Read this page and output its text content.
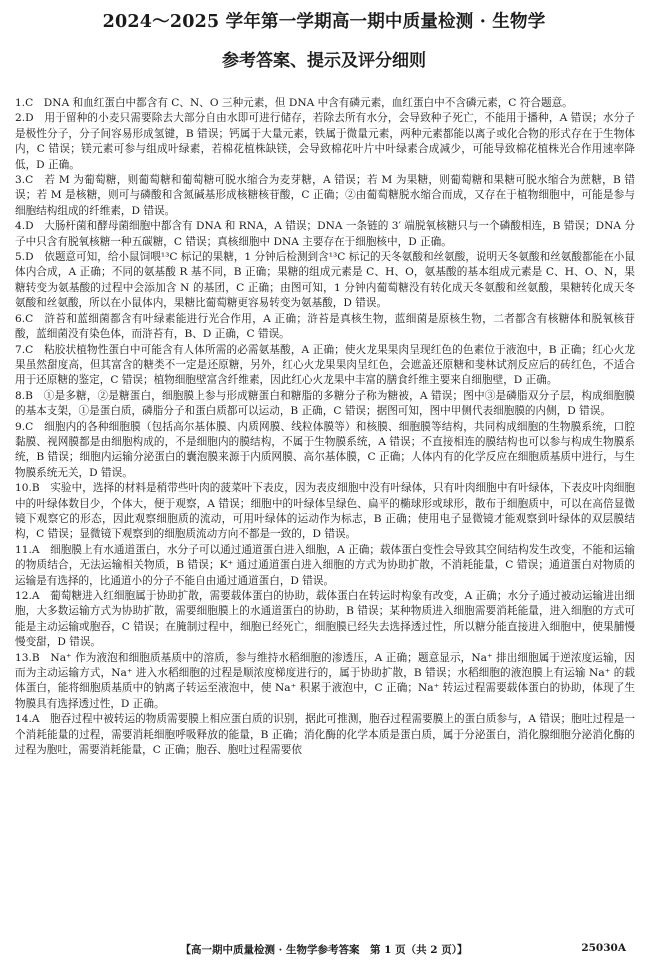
2024～2025 学年第一学期高一期中质量检测 · 生物学
参考答案、提示及评分细则

1.C　DNA 和血红蛋白中都含有 C、N、O 三种元素，但 DNA 中含有磷元素，血红蛋白中不含磷元素，C 符合题意。

2.D　用于留种的小麦只需要除去大部分自由水即可进行储存，若除去所有水分，会导致种子死亡，不能用于播种，A 错误；水分子是极性分子，分子间容易形成氢键，B 错误；钙属于大量元素，铁属于微量元素，两种元素都能以离子或化合物的形式存在于生物体内，C 错误；镁元素可参与组成叶绿素，若棉花植株缺镁，会导致棉花叶片中叶绿素合成减少，可能导致棉花植株光合作用速率降低，D 正确。

3.C　若 M 为葡萄糖，则葡萄糖和葡萄糖可脱水缩合为麦芽糖，A 错误；若 M 为果糖，则葡萄糖和果糖可脱水缩合为蔗糖，B 错误；若 M 是核糖，则可与磷酸和含氮碱基形成核糖核苷酸，C 正确；②由葡萄糖脱水缩合而成，又存在于植物细胞中，可能是参与细胞结构组成的纤维素，D 错误。

4.D　大肠杆菌和酵母菌细胞中都含有 DNA 和 RNA，A 错误；DNA 一条链的 3′ 端脱氧核糖只与一个磷酸相连，B 错误；DNA 分子中只含有脱氧核糖一种五碳糖，C 错误；真核细胞中 DNA 主要存在于细胞核中，D 正确。

5.D　依题意可知，给小鼠饲喂¹³C 标记的果糖，1 分钟后检测到含¹³C 标记的天冬氨酸和丝氨酸，说明天冬氨酸和丝氨酸都能在小鼠体内合成，A 正确；不同的氨基酸 R 基不同，B 正确；果糖的组成元素是 C、H、O，氨基酸的基本组成元素是 C、H、O、N，果糖转变为氨基酸的过程中会添加含 N 的基团，C 正确；由图可知，1 分钟内葡萄糖没有转化成天冬氨酸和丝氨酸，果糖转化成天冬氨酸和丝氨酸，所以在小鼠体内，果糖比葡萄糖更容易转变为氨基酸，D 错误。

6.C　浒苔和蓝细菌都含有叶绿素能进行光合作用，A 正确；浒苔是真核生物，蓝细菌是原核生物，二者都含有核糖体和脱氧核苷酸，蓝细菌没有染色体，而浒苔有，B、D 正确，C 错误。

7.C　粘胶状植物性蛋白中可能含有人体所需的必需氨基酸，A 正确；使火龙果果肉呈现红色的色素位于液泡中，B 正确；红心火龙果虽然甜度高，但其富含的糖类不一定是还原糖，另外，红心火龙果果肉呈红色，会遮盖还原糖和斐林试剂反应后的砖红色，不适合用于还原糖的鉴定，C 错误；植物细胞壁富含纤维素，因此红心火龙果中丰富的膳食纤维主要来自细胞壁，D 正确。

8.B　①是多糖，②是糖蛋白，细胞膜上参与形成糖蛋白和糖脂的多糖分子称为糖被，A 错误；图中③是磷脂双分子层，构成细胞膜的基本支架，①是蛋白质，磷脂分子和蛋白质都可以运动，B 正确，C 错误；据图可知，图中甲侧代表细胞膜的内侧，D 错误。

9.C　细胞内的各种细胞膜（包括高尔基体膜、内质网膜、线粒体膜等）和核膜、细胞膜等结构，共同构成细胞的生物膜系统，口腔黏膜、视网膜都是由细胞构成的，不是细胞内的膜结构，不属于生物膜系统，A 错误；不直接相连的膜结构也可以参与构成生物膜系统，B 错误；细胞内运输分泌蛋白的囊泡膜来源于内质网膜、高尔基体膜，C 正确；人体内有的化学反应在细胞质基质中进行，与生物膜系统无关，D 错误。

10.B　实验中，选择的材料是稍带些叶肉的菠菜叶下表皮，因为表皮细胞中没有叶绿体，只有叶肉细胞中有叶绿体，下表皮叶肉细胞中的叶绿体数目少，个体大，便于观察，A 错误；细胞中的叶绿体呈绿色、扁平的椭球形或球形，散布于细胞质中，可以在高倍显微镜下观察它的形态，因此观察细胞质的流动，可用叶绿体的运动作为标志，B 正确；使用电子显微镜才能观察到叶绿体的双层膜结构，C 错误；显微镜下观察到的细胞质流动方向不都是一致的，D 错误。

11.A　细胞膜上有水通道蛋白，水分子可以通过通道蛋白进入细胞，A 正确；载体蛋白变性会导致其空间结构发生改变，不能和运输的物质结合，无法运输相关物质，B 错误；K⁺ 通过通道蛋白进入细胞的方式为协助扩散，不消耗能量，C 错误；通道蛋白对物质的运输是有选择的，比通道小的分子不能自由通过通道蛋白，D 错误。

12.A　葡萄糖进入红细胞属于协助扩散，需要载体蛋白的协助，载体蛋白在转运时构象有改变，A 正确；水分子通过被动运输进出细胞，大多数运输方式为协助扩散，需要细胞膜上的水通道蛋白的协助，B 错误；某种物质进入细胞需要消耗能量，进入细胞的方式可能是主动运输或胞吞，C 错误；在腌制过程中，细胞已经死亡，细胞膜已经失去选择透过性，所以糖分能直接进入细胞中，使果脯慢慢变甜，D 错误。

13.B　Na⁺ 作为液泡和细胞质基质中的溶质，参与维持水稻细胞的渗透压，A 正确；题意显示，Na⁺ 排出细胞属于逆浓度运输，因而为主动运输方式，Na⁺ 进入水稻细胞的过程是顺浓度梯度进行的，属于协助扩散，B 错误；水稻细胞的液泡膜上有运输 Na⁺ 的载体蛋白，能将细胞质基质中的钠离子转运至液泡中，使 Na⁺ 积累于液泡中，C 正确；Na⁺ 转运过程需要载体蛋白的协助，体现了生物膜具有选择透过性，D 正确。

14.A　胞吞过程中被转运的物质需要膜上相应蛋白质的识别，据此可推测，胞吞过程需要膜上的蛋白质参与，A 错误；胞吐过程是一个消耗能量的过程，需要消耗细胞呼吸释放的能量，B 正确；消化酶的化学本质是蛋白质，属于分泌蛋白，消化腺细胞分泌消化酶的过程为胞吐，需要消耗能量，C 正确；胞吞、胞吐过程需要依

【高一期中质量检测 · 生物学参考答案　第 1 页（共 2 页）】	25030A
